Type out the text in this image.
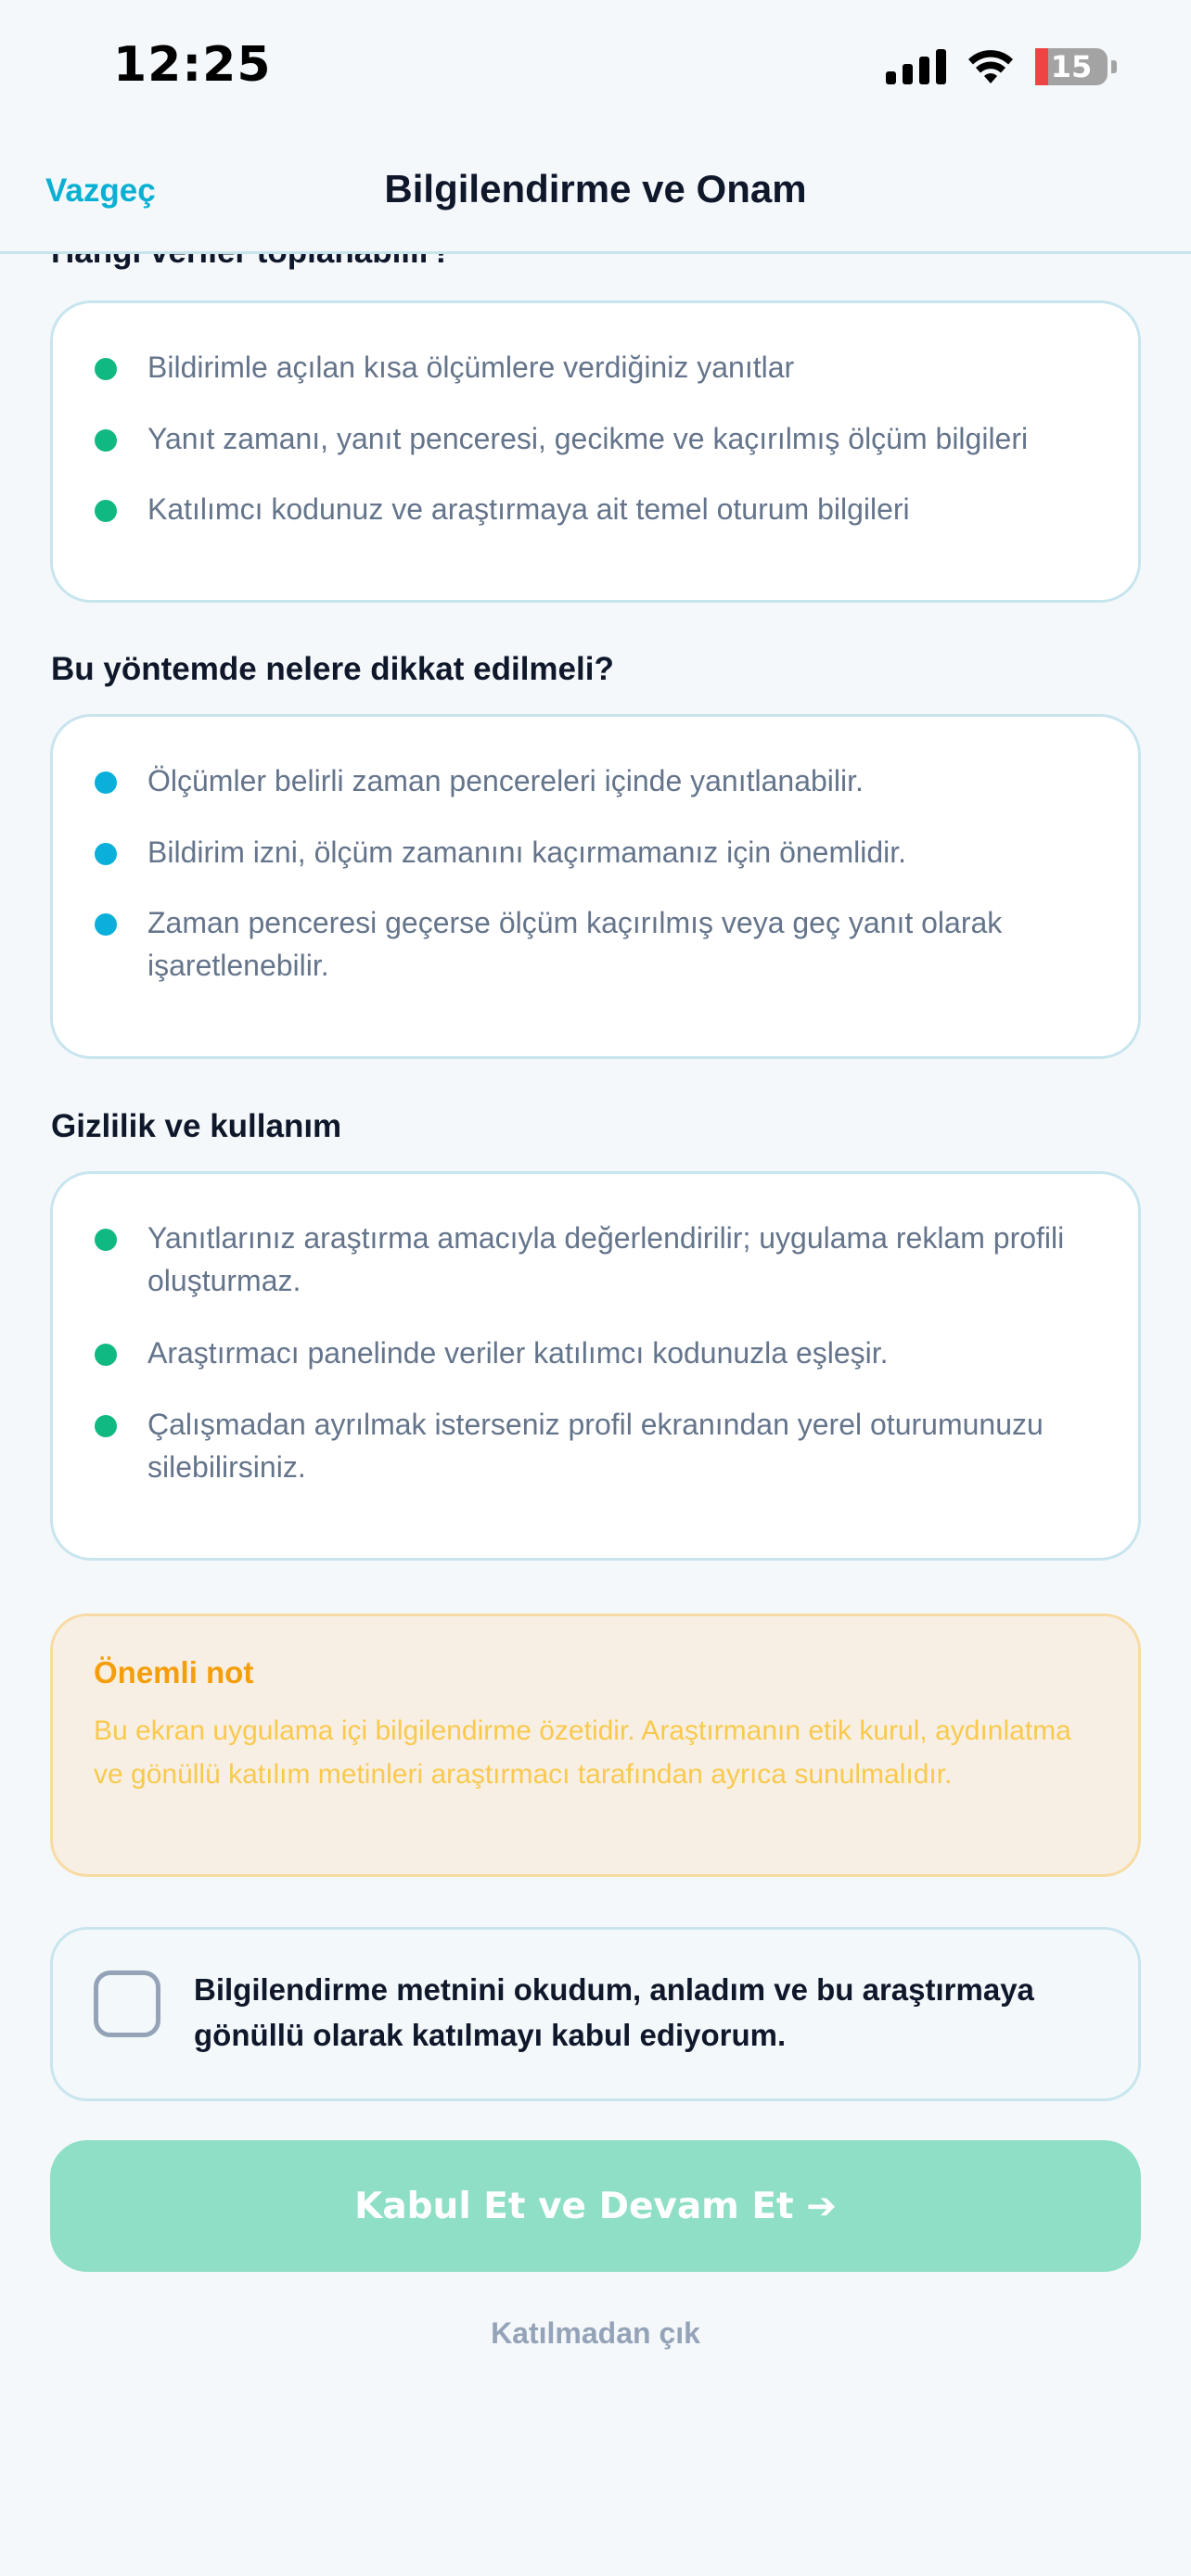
12:25	15
Vazgeç	Bilgilendirme ve Onam
Bildirimle açılan kısa ölçümlere verdiğiniz yanıtlar
Yanıt zamanı, yanıt penceresi, gecikme ve kaçırılmış ölçüm bilgileri
Katılımcı kodunuz ve araştırmaya ait temel oturum bilgileri
Bu yöntemde nelere dikkat edilmeli?
Ölçümler belirli zaman pencereleri içinde yanıtlanabilir.
Bildirim izni, ölçüm zamanını kaçırmamanız için önemlidir.
Zaman penceresi geçerse ölçüm kaçırılmış veya geç yanıt olarak işaretlenebilir.
Gizlilik ve kullanım
Yanıtlarınız araştırma amacıyla değerlendirilir; uygulama reklam profili oluşturmaz.
Araştırmacı panelinde veriler katılımcı kodunuzla eşleşir.
Çalışmadan ayrılmak isterseniz profil ekranından yerel oturumunuzu silebilirsiniz.
Önemli not
Bu ekran uygulama içi bilgilendirme özetidir. Araştırmanın etik kurul, aydınlatma ve gönüllü katılım metinleri araştırmacı tarafından ayrıca sunulmalıdır.
Bilgilendirme metnini okudum, anladım ve bu araştırmaya gönüllü olarak katılmayı kabul ediyorum.
Kabul Et ve Devam Et ➔
Katılmadan çık
